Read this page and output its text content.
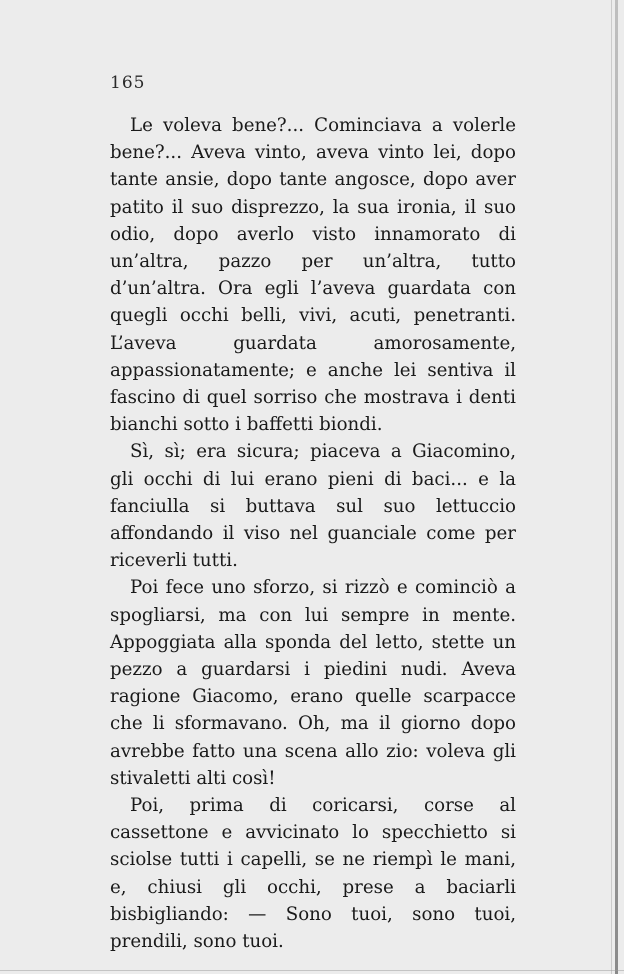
165

Le voleva bene?... Cominciava a volerle bene?... Aveva vinto, aveva vinto lei, dopo tante ansie, dopo tante angosce, dopo aver patito il suo disprezzo, la sua ironia, il suo odio, dopo averlo visto innamorato di un’altra, pazzo per un’altra, tutto d’un’altra. Ora egli l’aveva guardata con quegli occhi belli, vivi, acuti, penetranti. L’aveva guardata amorosamente, appassionatamente; e anche lei sentiva il fascino di quel sorriso che mostrava i denti bianchi sotto i baffetti biondi.

Sì, sì; era sicura; piaceva a Giacomino, gli occhi di lui erano pieni di baci... e la fanciulla si buttava sul suo lettuccio affondando il viso nel guanciale come per riceverli tutti.

Poi fece uno sforzo, si rizzò e cominciò a spogliarsi, ma con lui sempre in mente. Appoggiata alla sponda del letto, stette un pezzo a guardarsi i piedini nudi. Aveva ragione Giacomo, erano quelle scarpacce che li sformavano. Oh, ma il giorno dopo avrebbe fatto una scena allo zio: voleva gli stivaletti alti così!

Poi, prima di coricarsi, corse al cassettone e avvicinato lo specchietto si sciolse tutti i capelli, se ne riempì le mani, e, chiusi gli occhi, prese a baciarli bisbigliando: — Sono tuoi, sono tuoi, prendili, sono tuoi.
